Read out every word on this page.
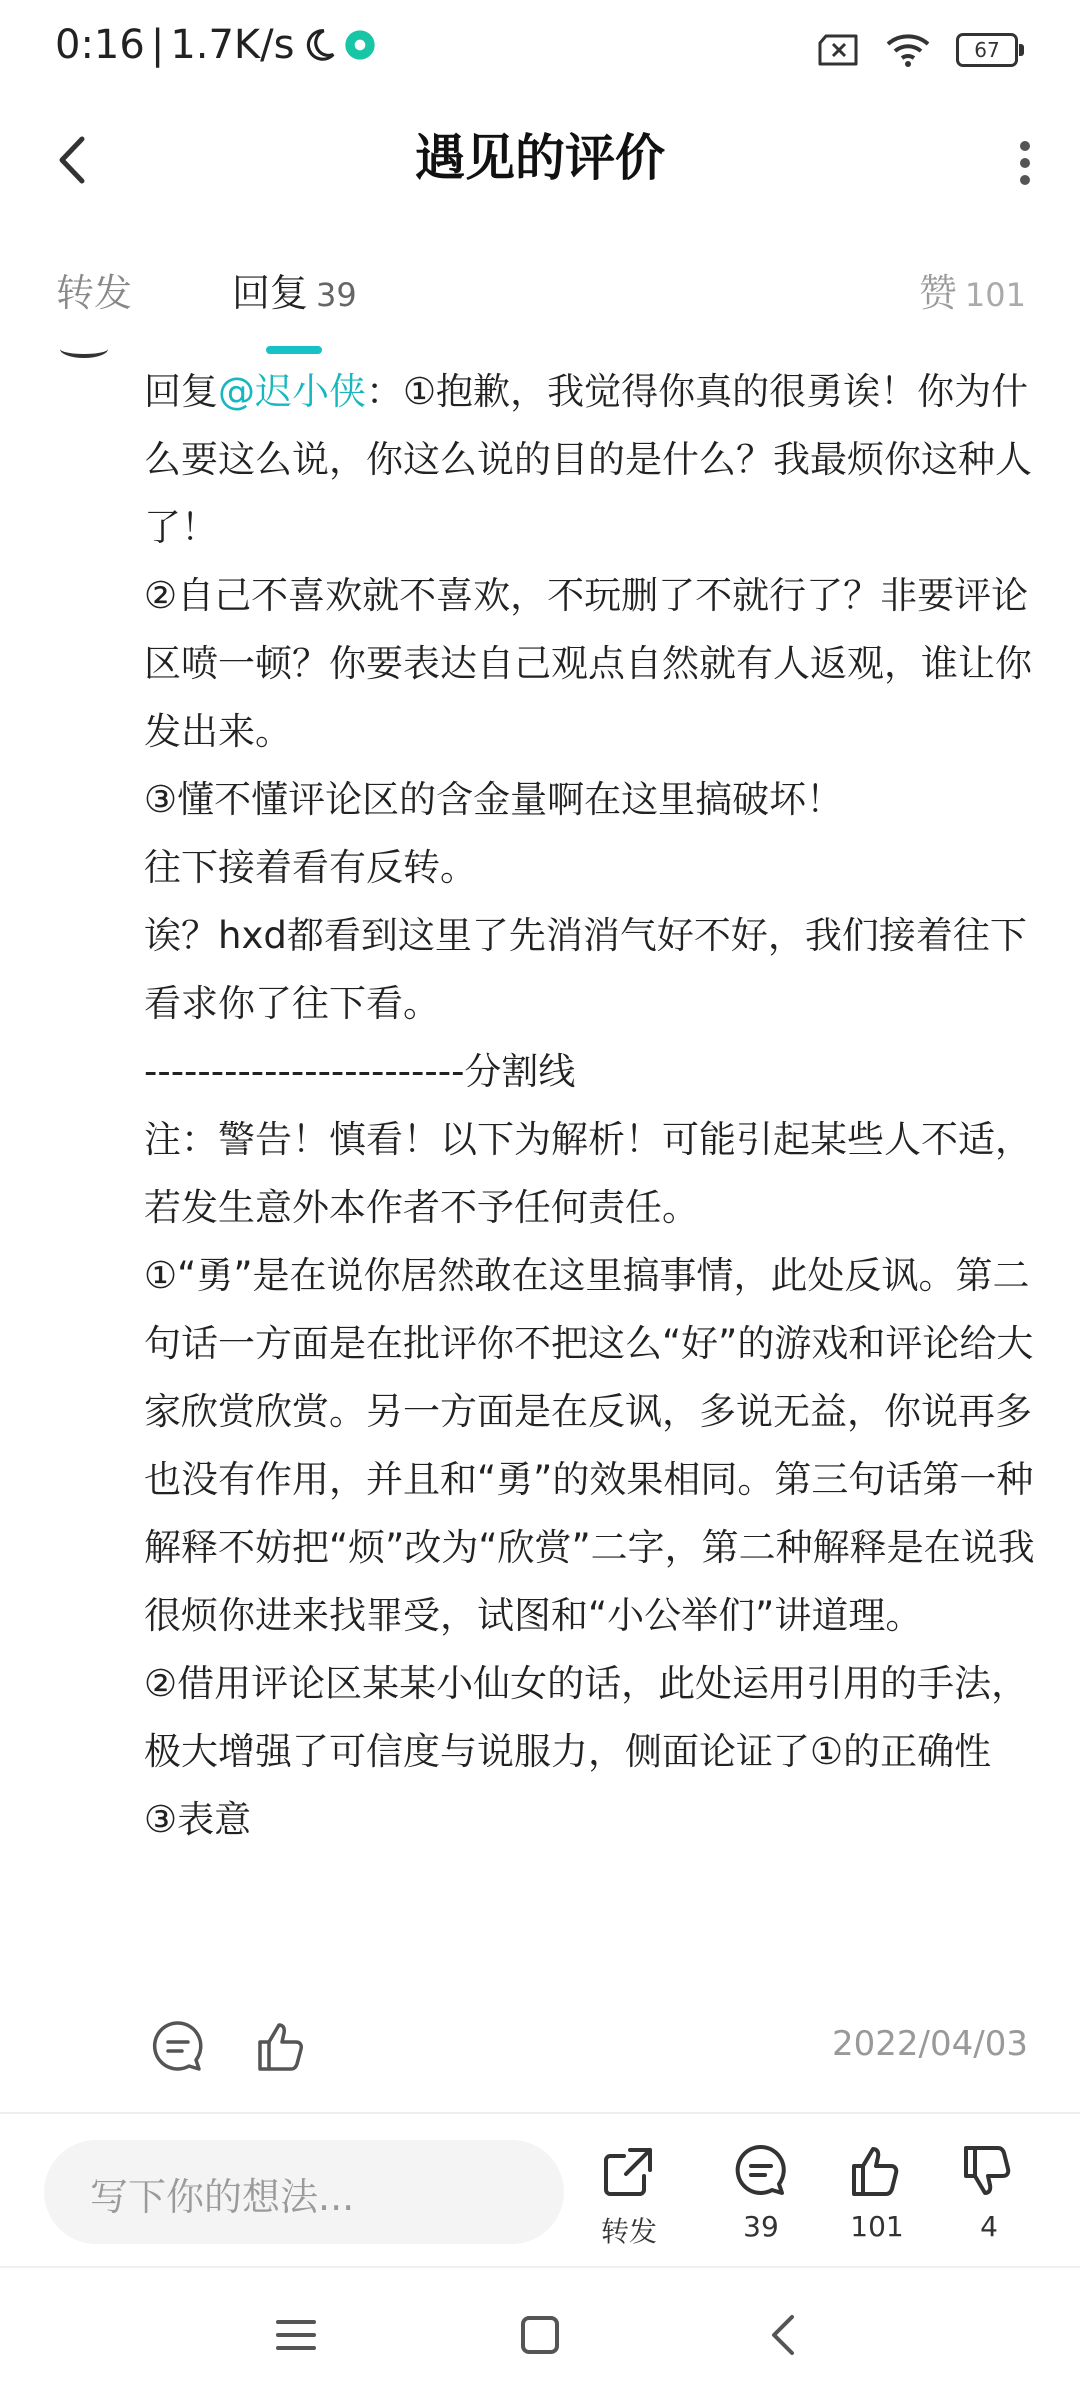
0:16 | 1.7K/s	67
遇见的评价
转发	回复 39	赞 101

回复@迟小侠：①抱歉，我觉得你真的很勇诶！你为什么要这么说，你这么说的目的是什么？我最烦你这种人了！

②自己不喜欢就不喜欢，不玩删了不就行了？非要评论区喷一顿？你要表达自己观点自然就有人返观，谁让你发出来。

③懂不懂评论区的含金量啊在这里搞破坏！

往下接着看有反转。

诶？hxd都看到这里了先消消气好不好，我们接着往下看求你了往下看。

------------------------分割线

注：警告！慎看！以下为解析！可能引起某些人不适，若发生意外本作者不予任何责任。

①“勇”是在说你居然敢在这里搞事情，此处反讽。第二句话一方面是在批评你不把这么“好”的游戏和评论给大家欣赏欣赏。另一方面是在反讽，多说无益，你说再多也没有作用，并且和“勇”的效果相同。第三句话第一种解释不妨把“烦”改为“欣赏”二字，第二种解释是在说我很烦你进来找罪受，试图和“小公举们”讲道理。

②借用评论区某某小仙女的话，此处运用引用的手法，极大增强了可信度与说服力，侧面论证了①的正确性

③表意

2022/04/03
写下你的想法...
转发	39	101	4
